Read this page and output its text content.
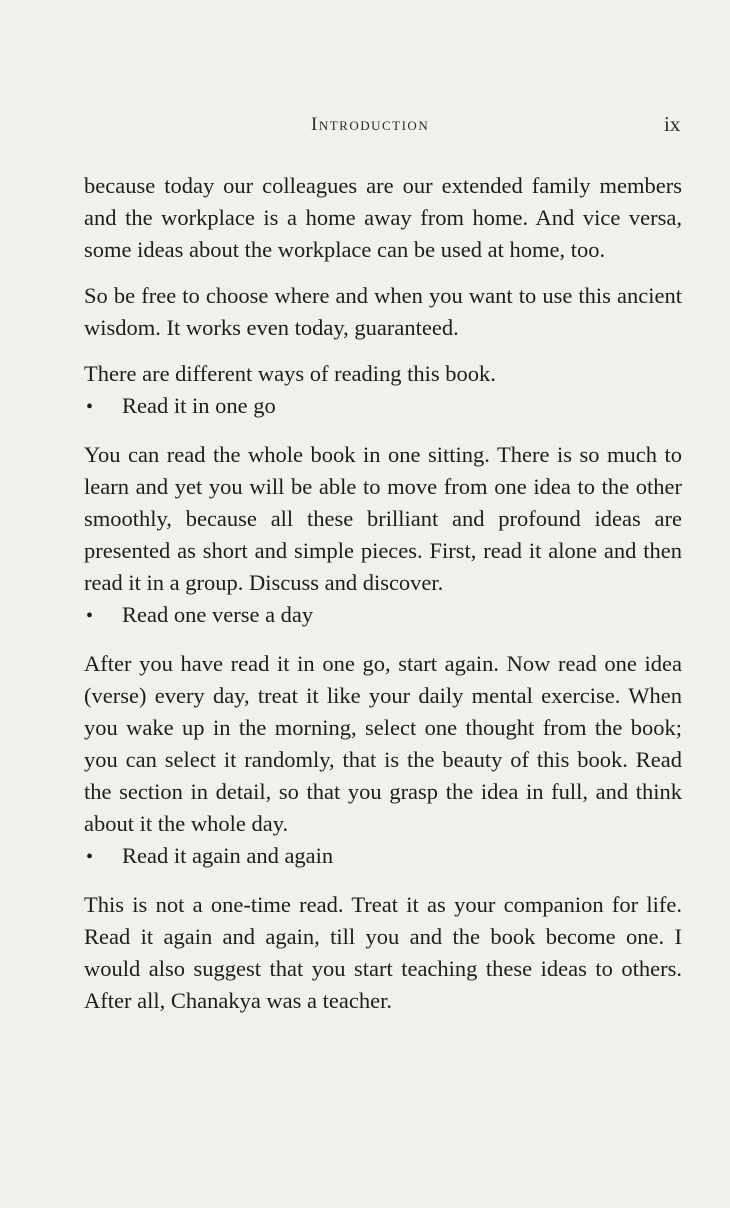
Introduction	ix

because today our colleagues are our extended family members and the workplace is a home away from home. And vice versa, some ideas about the workplace can be used at home, too.

So be free to choose where and when you want to use this ancient wisdom. It works even today, guaranteed.

There are different ways of reading this book.

•	Read it in one go

You can read the whole book in one sitting. There is so much to learn and yet you will be able to move from one idea to the other smoothly, because all these brilliant and profound ideas are presented as short and simple pieces. First, read it alone and then read it in a group. Discuss and discover.

•	Read one verse a day

After you have read it in one go, start again. Now read one idea (verse) every day, treat it like your daily mental exercise. When you wake up in the morning, select one thought from the book; you can select it randomly, that is the beauty of this book. Read the section in detail, so that you grasp the idea in full, and think about it the whole day.

•	Read it again and again

This is not a one-time read. Treat it as your companion for life. Read it again and again, till you and the book become one. I would also suggest that you start teaching these ideas to others. After all, Chanakya was a teacher.
